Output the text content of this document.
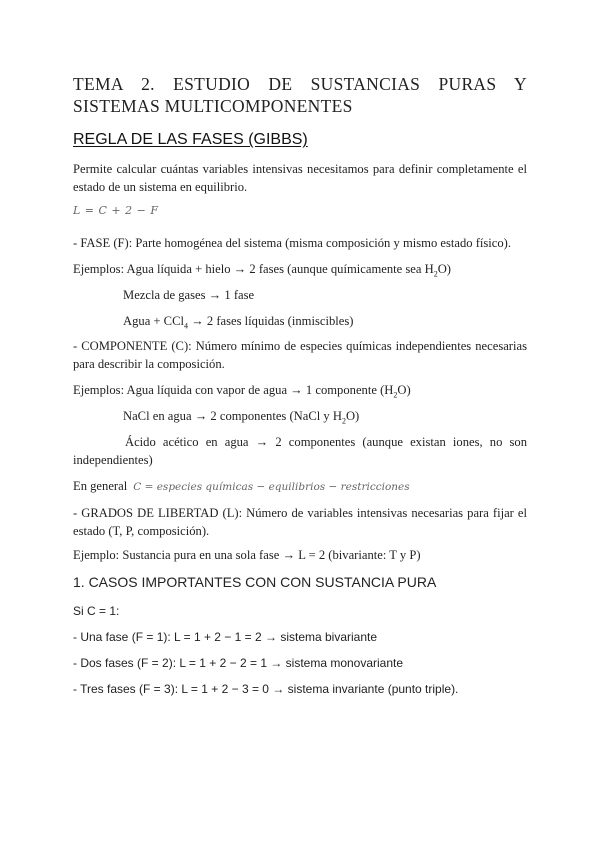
TEMA 2. ESTUDIO DE SUSTANCIAS PURAS Y SISTEMAS MULTICOMPONENTES
REGLA DE LAS FASES (GIBBS)
Permite calcular cuántas variables intensivas necesitamos para definir completamente el estado de un sistema en equilibrio.
L = C + 2 − F
- FASE (F): Parte homogénea del sistema (misma composición y mismo estado físico).
Ejemplos: Agua líquida + hielo → 2 fases (aunque químicamente sea $H_2O$)
Mezcla de gases → 1 fase
Agua + CCl$_4$ → 2 fases líquidas (inmiscibles)
- COMPONENTE (C): Número mínimo de especies químicas independientes necesarias para describir la composición.
Ejemplos: Agua líquida con vapor de agua → 1 componente $(H_2O)$
NaCl en agua → 2 componentes (NaCl y $H_2O$)
Ácido acético en agua → 2 componentes (aunque existan iones, no son independientes)
En general C = especies químicas − equilibrios − restricciones
- GRADOS DE LIBERTAD (L): Número de variables intensivas necesarias para fijar el estado (T, P, composición).
Ejemplo: Sustancia pura en una sola fase → L = 2 (bivariante: T y P)
1. CASOS IMPORTANTES CON CON SUSTANCIA PURA
Si C = 1:
- Una fase (F = 1): L = 1 + 2 − 1 = 2 → sistema bivariante
- Dos fases (F = 2): L = 1 + 2 − 2 = 1 → sistema monovariante
- Tres fases (F = 3): L = 1 + 2 − 3 = 0 → sistema invariante (punto triple).
